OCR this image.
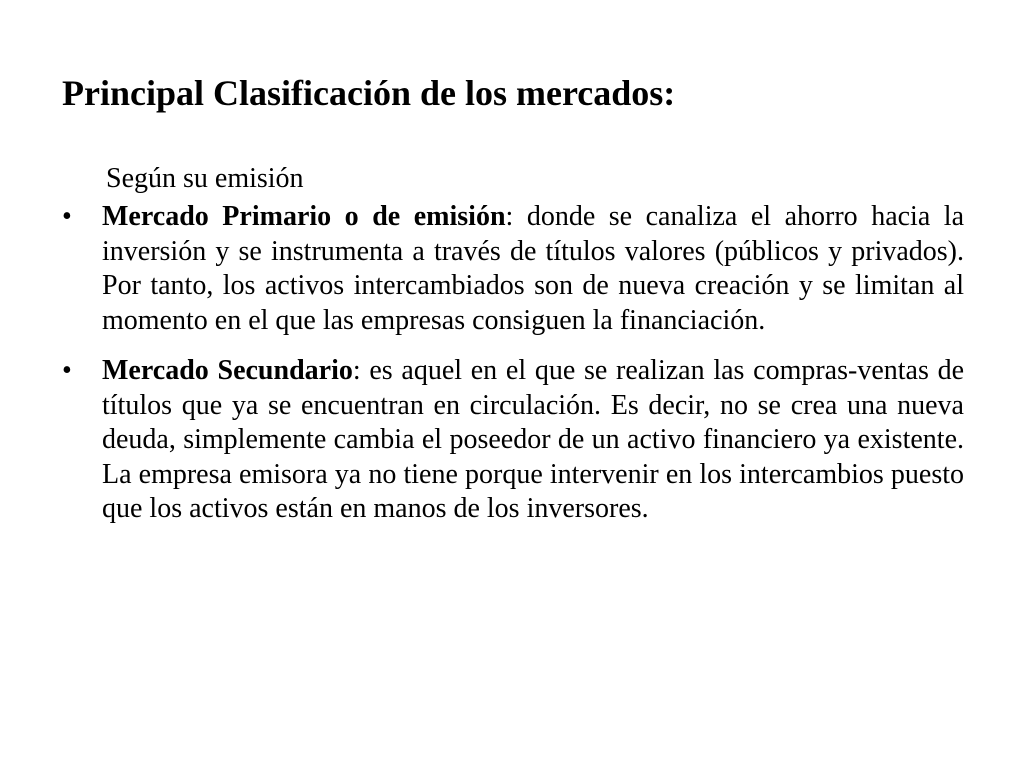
Principal Clasificación de los mercados:

Según su emisión

•	Mercado Primario o de emisión: donde se canaliza el ahorro hacia la inversión y se instrumenta a través de títulos valores (públicos y privados). Por tanto, los activos intercambiados son de nueva creación y se limitan al momento en el que las empresas consiguen la financiación.
•	Mercado Secundario: es aquel en el que se realizan las compras-ventas de títulos que ya se encuentran en circulación. Es decir, no se crea una nueva deuda, simplemente cambia el poseedor de un activo financiero ya existente. La empresa emisora ya no tiene porque intervenir en los intercambios puesto que los activos están en manos de los inversores.
